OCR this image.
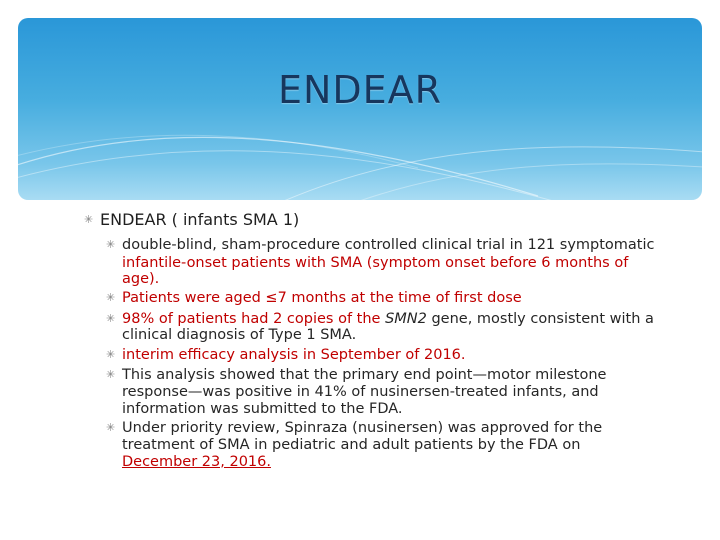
ENDEAR
✳ ENDEAR ( infants SMA 1)
✳ double-blind, sham-procedure controlled clinical trial in 121 symptomatic
infantile-onset patients with SMA (symptom onset before 6 months of
age).
✳ Patients were aged ≤7 months at the time of first dose
✳ 98% of patients had 2 copies of the SMN2 gene, mostly consistent with a
clinical diagnosis of Type 1 SMA.
✳ interim efficacy analysis in September of 2016.
✳ This analysis showed that the primary end point—motor milestone
response—was positive in 41% of nusinersen-treated infants, and
information was submitted to the FDA.
✳ Under priority review, Spinraza (nusinersen) was approved for the
treatment of SMA in pediatric and adult patients by the FDA on
December 23, 2016.
